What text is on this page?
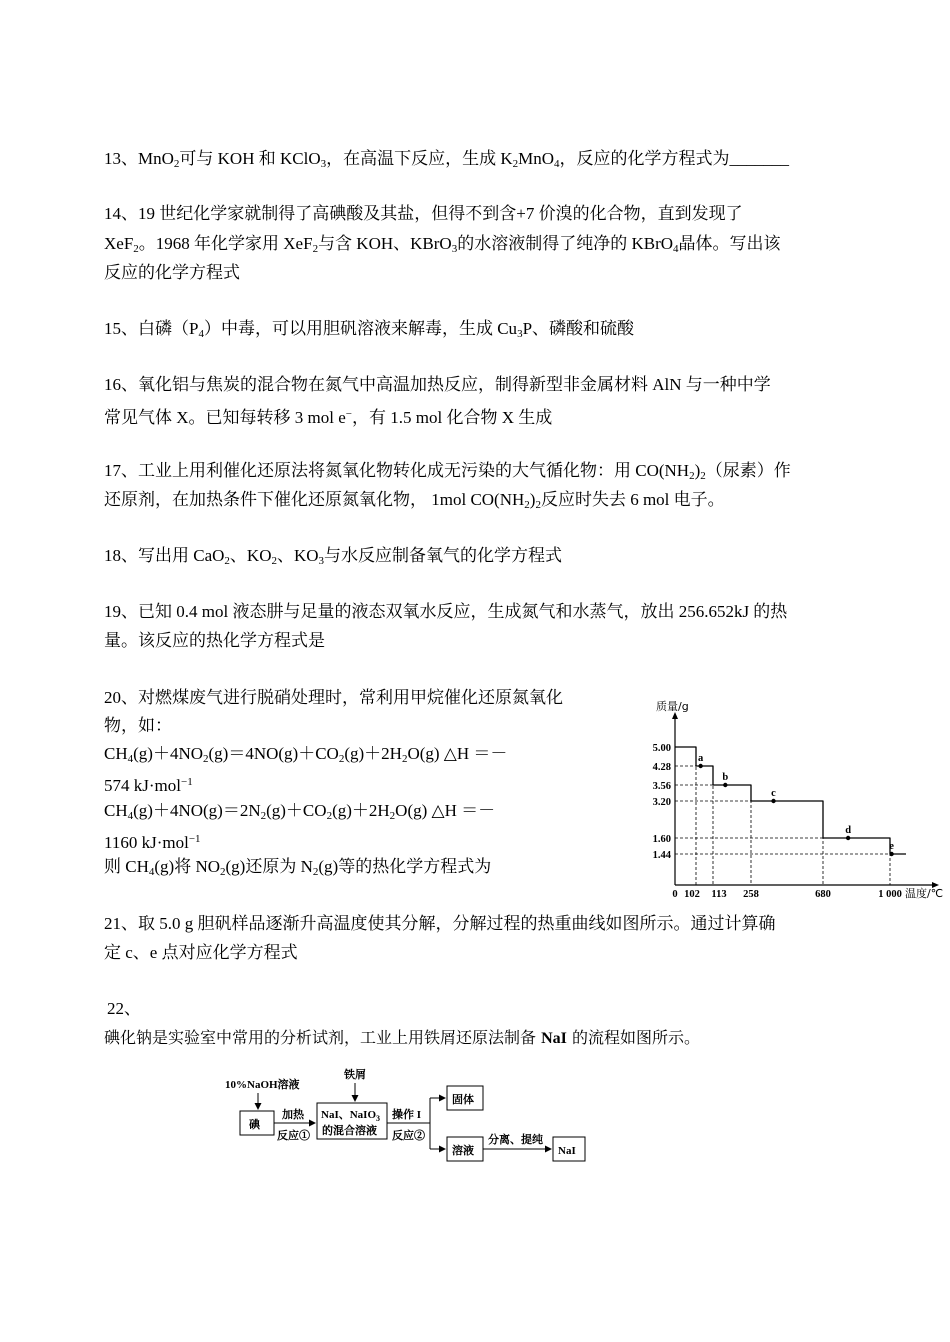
13、MnO$_2$可与 KOH 和 KClO$_3$，在高温下反应，生成 $K_2MnO_4$，反应的化学方程式为_______
14、19 世纪化学家就制得了高碘酸及其盐，但得不到含+7 价溴的化合物，直到发现了
XeF$_2$。1968 年化学家用 XeF$_2$与含 KOH、KBrO$_3$的水溶液制得了纯净的 KBrO$_4$晶体。写出该
反应的化学方程式
15、白磷$(P_4)$中毒，可以用胆矾溶液来解毒，生成 $Cu_3P$、磷酸和硫酸
16、氧化铝与焦炭的混合物在氮气中高温加热反应，制得新型非金属材料 AlN 与一种中学
常见气体 X。已知每转移 3 mol e−，有 1.5 mol 化合物 X 生成
17、工业上用利催化还原法将氮氧化物转化成无污染的大气循化物：用 $CO(NH_2)_2$（尿素）作
还原剂，在加热条件下催化还原氮氧化物， 1mol $CO(NH_2)_2$反应时失去 6 mol 电子。
18、写出用 CaO$_2$、$KO_2$、$KO_3$与水反应制备氧气的化学方程式
19、已知 0.4 mol 液态肼与足量的液态双氧水反应，生成氮气和水蒸气，放出 256.652kJ 的热
量。该反应的热化学方程式是
20、对燃煤废气进行脱硝处理时，常利用甲烷催化还原氮氧化
物，如：
$CH_4(g)+4NO_2(g)=4NO(g)+CO_2(g)+2H_2O(g)$ △H ＝－
574 kJ·mol$^{-1}$
$CH_4(g)+4NO(g)=2N_2(g)+CO_2(g)+2H_2O(g)$ △H ＝－
1160 kJ·mol$^{-1}$
则 $CH_4(g)$将 $NO_2(g)$还原为 $N_2(g)$等的热化学方程式为
质量/g
温度/℃
5.00
4.28
3.56
3.20
1.60
1.44
0 102 113 258	680	1 000
a
b
c
d
e
21、取 5.0 g 胆矾样品逐渐升高温度使其分解，分解过程的热重曲线如图所示。通过计算确
定 c、e 点对应化学方程式
22、
碘化钠是实验室中常用的分析试剂，工业上用铁屑还原法制备 NaI 的流程如图所示。
10%NaOH溶液
铁屑
碘
加热
反应①
NaI、NaIO$_3$
的混合溶液
操作 I
反应②
固体
溶液
分离、提纯
NaI
